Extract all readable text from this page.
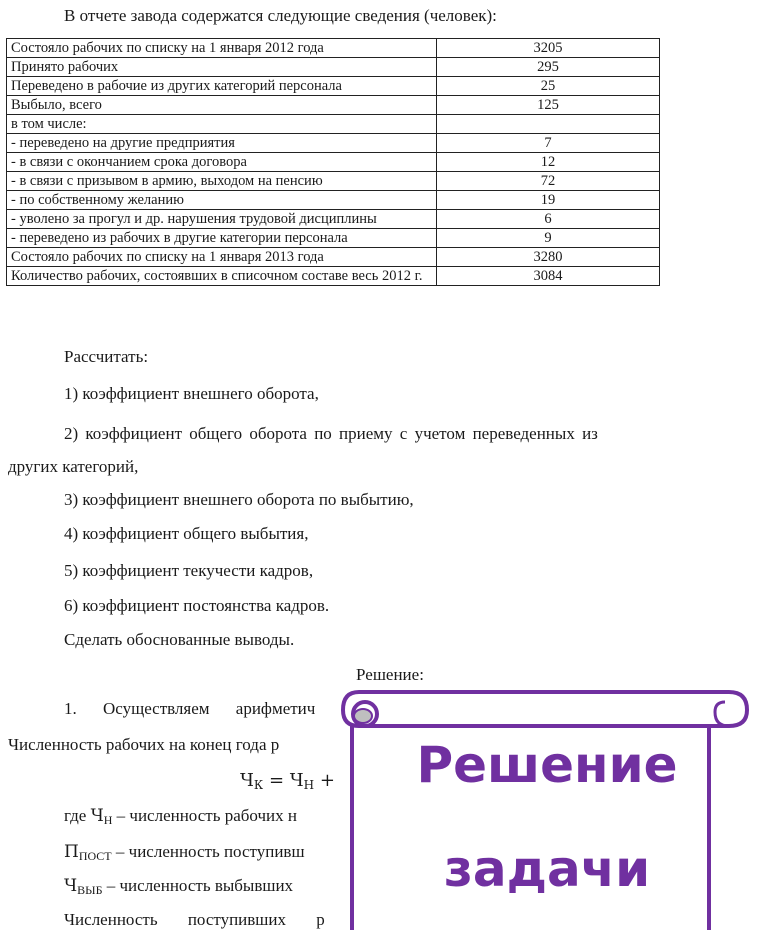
В отчете завода содержатся следующие сведения (человек):
Состояло рабочих по списку на 1 января 2012 года	3205
Принято рабочих	295
Переведено в рабочие из других категорий персонала	25
Выбыло, всего	125
в том числе:	
- переведено на другие предприятия	7
- в связи с окончанием срока договора	12
- в связи с призывом в армию, выходом на пенсию	72
- по собственному желанию	19
- уволено за прогул и др. нарушения трудовой дисциплины	6
- переведено из рабочих в другие категории персонала	9
Состояло рабочих по списку на 1 января 2013 года	3280
Количество рабочих, состоявших в списочном составе весь 2012 г.	3084
Рассчитать:
1) коэффициент внешнего оборота,
2) коэффициент общего оборота по приему с учетом переведенных из
других категорий,
3) коэффициент внешнего оборота по выбытию,
4) коэффициент общего выбытия,
5) коэффициент текучести кадров,
6) коэффициент постоянства кадров.
Сделать обоснованные выводы.
Решение:
1. Осуществляем арифметич
Численность рабочих на конец года р
$Ч_К = Ч_Н$ +
где $Ч_Н$ – численность рабочих н
$П_{ПОСТ}$ – численность поступивш
$Ч_{ВЫБ}$ – численность выбывших
Численность поступивших р
Решение
задачи
